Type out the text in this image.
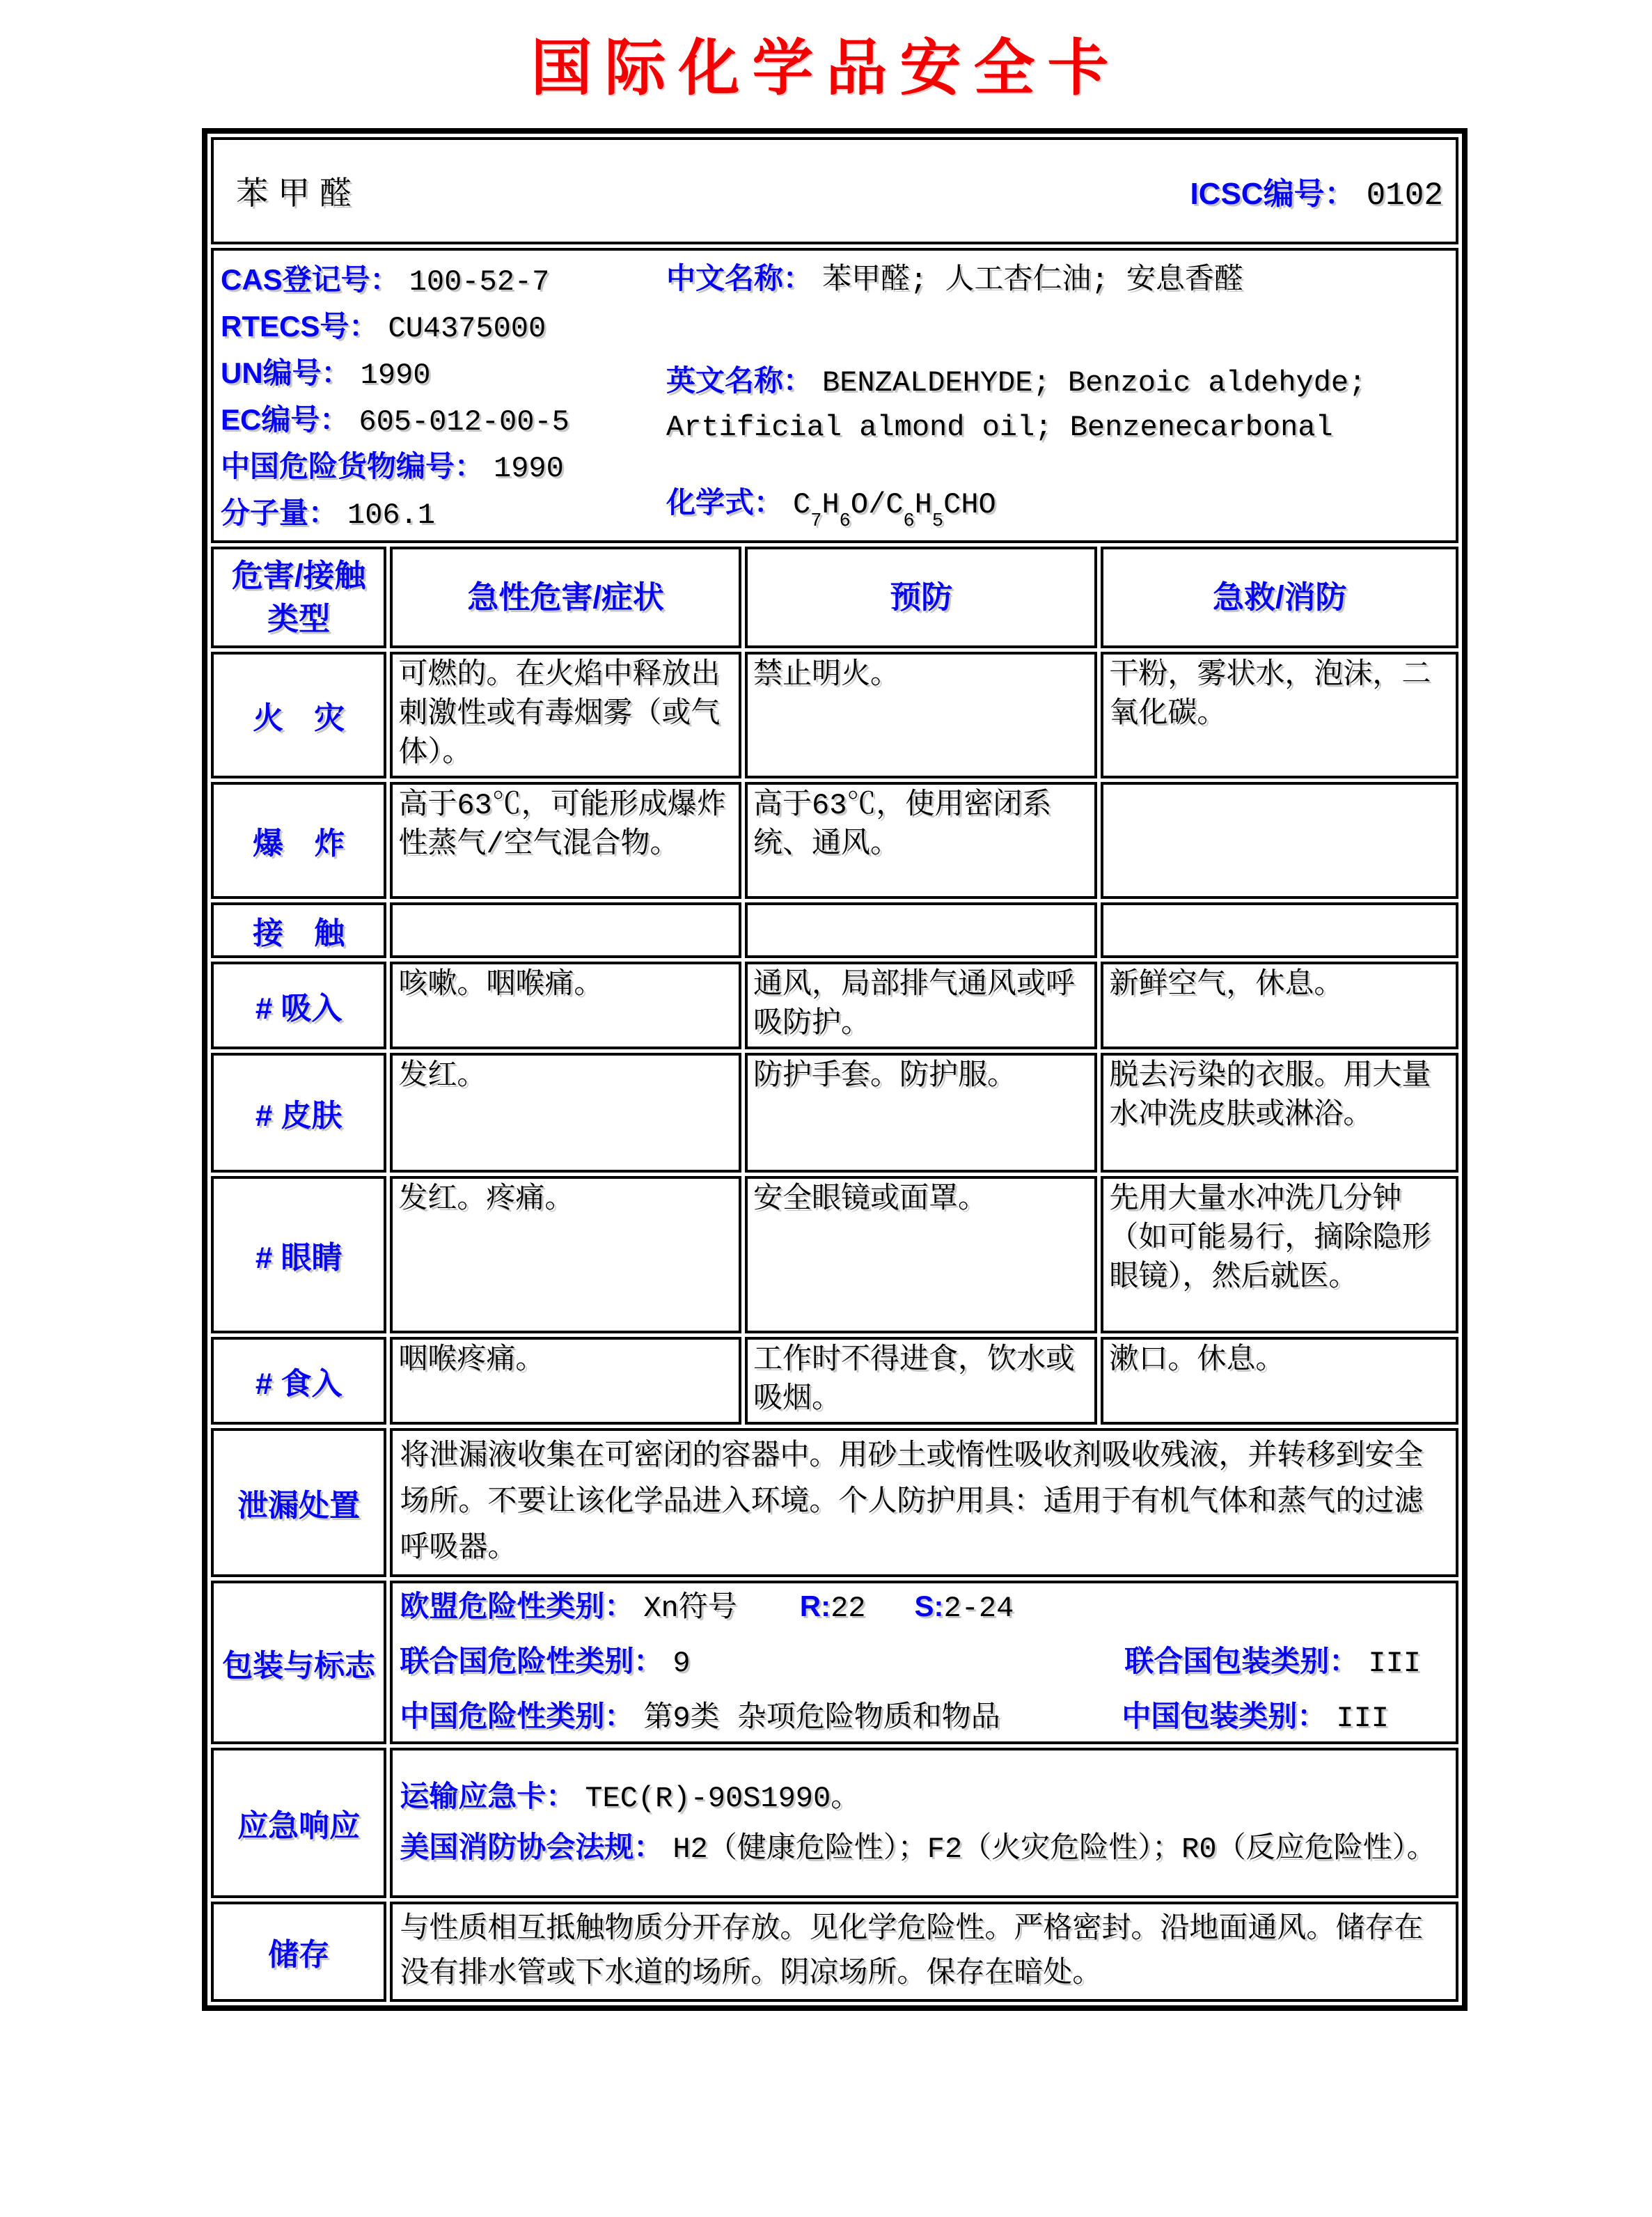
国际化学品安全卡
苯甲醛 ICSC编号： 0102			

CAS登记号： 100-52-7
RTECS号： CU4375000
UN编号： 1990
EC编号： 605-012-00-5
中国危险货物编号： 1990
分子量： 106.1
中文名称： 苯甲醛; 人工杏仁油; 安息香醛
英文名称： BENZALDEHYDE; Benzoic aldehyde; Artificial almond oil; Benzenecarbonal
化学式： $C_7H_6O/C_6H_5CHO$

危害/接触类型	急性危害/症状	预防	急救/消防
火　灾	可燃的。在火焰中释放出刺激性或有毒烟雾（或气体）。	禁止明火。	干粉，雾状水，泡沫，二氧化碳。
爆　炸	高于63℃，可能形成爆炸性蒸气/空气混合物。	高于63℃，使用密闭系统、通风。	
接　触			
# 吸入	咳嗽。咽喉痛。	通风，局部排气通风或呼吸防护。	新鲜空气，休息。
# 皮肤	发红。	防护手套。防护服。	脱去污染的衣服。用大量水冲洗皮肤或淋浴。
# 眼睛	发红。疼痛。	安全眼镜或面罩。	先用大量水冲洗几分钟（如可能易行，摘除隐形眼镜），然后就医。
# 食入	咽喉疼痛。	工作时不得进食，饮水或吸烟。	漱口。休息。
泄漏处置	将泄漏液收集在可密闭的容器中。用砂土或惰性吸收剂吸收残液，并转移到安全场所。不要让该化学品进入环境。个人防护用具：适用于有机气体和蒸气的过滤呼吸器。		

包装与标志	
欧盟危险性类别： Xn符号 R:22 S:2-24
联合国危险性类别： 9	联合国包装类别： III
中国危险性类别： 第9类 杂项危险物质和物品	中国包装类别： III

应急响应	运输应急卡： TEC(R)-90S1990。
美国消防协会法规： H2（健康危险性）；F2（火灾危险性）；R0（反应危险性）。		

储存	与性质相互抵触物质分开存放。见化学危险性。严格密封。沿地面通风。储存在没有排水管或下水道的场所。阴凉场所。保存在暗处。		
